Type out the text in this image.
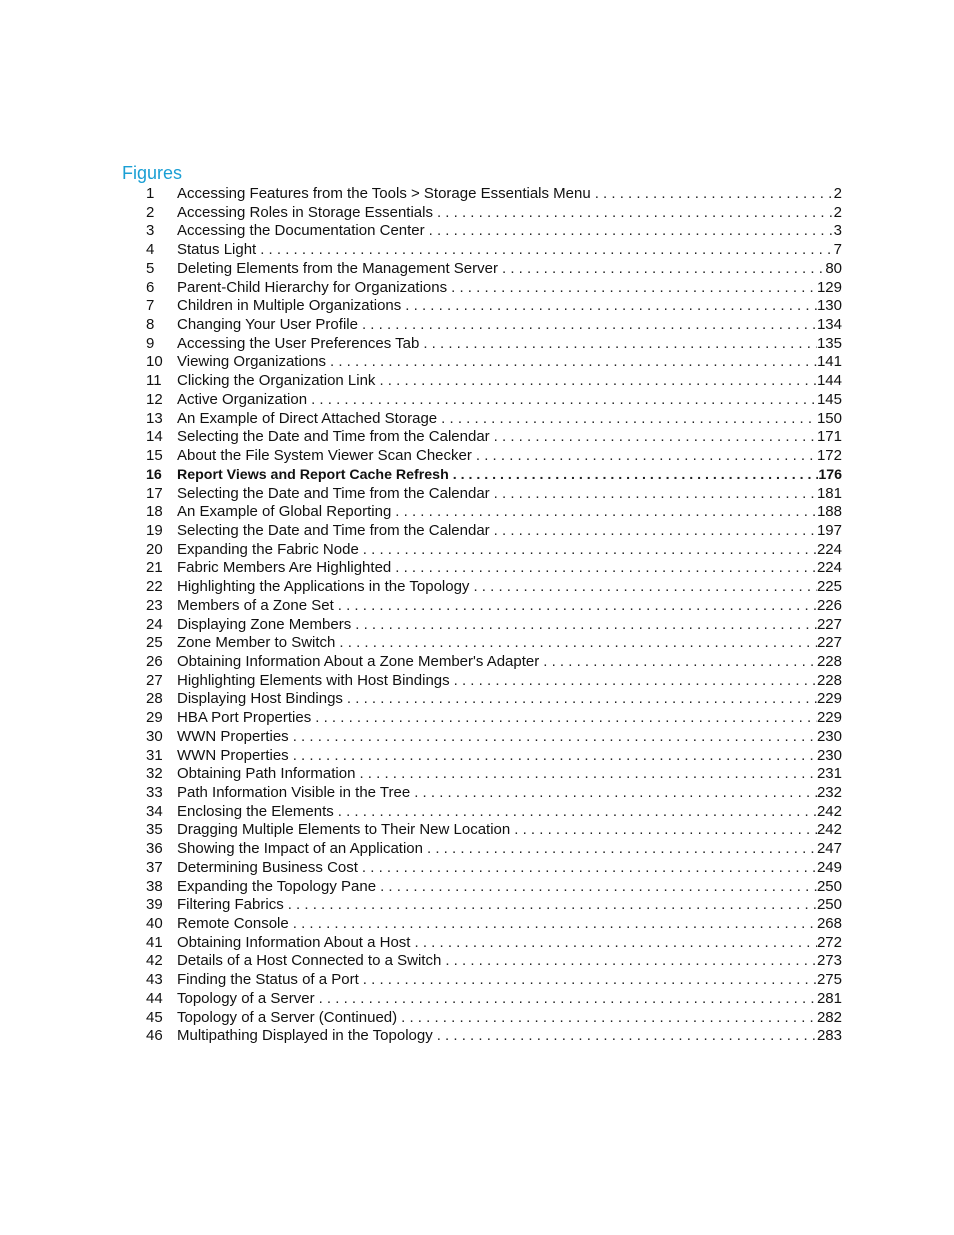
Figures
1	Accessing Features from the Tools > Storage Essentials Menu . . .	2
2	Accessing Roles in Storage Essentials . . .	2
3	Accessing the Documentation Center . . .	3
4	Status Light . . .	7
5	Deleting Elements from the Management Server . . .	80
6	Parent-Child Hierarchy for Organizations . . .	129
7	Children in Multiple Organizations . . .	130
8	Changing Your User Profile . . .	134
9	Accessing the User Preferences Tab . . .	135
10 Viewing Organizations . . .	141
11	Clicking the Organization Link . . .	144
12 Active Organization . . .	145
13 An Example of Direct Attached Storage . . .	150
14 Selecting the Date and Time from the Calendar . . .	171
15 About the File System Viewer Scan Checker . . .	172
16	Report Views and Report Cache Refresh . . .	176
17 Selecting the Date and Time from the Calendar . . .	181
18 An Example of Global Reporting . . .	188
19 Selecting the Date and Time from the Calendar . . .	197
20 Expanding the Fabric Node . . .	224
21 Fabric Members Are Highlighted . . .	224
22 Highlighting the Applications in the Topology . . .	225
23 Members of a Zone Set . . .	226
24 Displaying Zone Members . . .	227
25 Zone Member to Switch . . .	227
26 Obtaining Information About a Zone Member's Adapter . . .	228
27 Highlighting Elements with Host Bindings . . .	228
28 Displaying Host Bindings . . .	229
29 HBA Port Properties . . .	229
30 WWN Properties . . .	230
31 WWN Properties . . .	230
32 Obtaining Path Information . . .	231
33 Path Information Visible in the Tree . . .	232
34 Enclosing the Elements . . .	242
35 Dragging Multiple Elements to Their New Location . . .	242
36 Showing the Impact of an Application . . .	247
37 Determining Business Cost . . .	249
38 Expanding the Topology Pane . . .	250
39 Filtering Fabrics . . .	250
40 Remote Console . . .	268
41 Obtaining Information About a Host . . .	272
42 Details of a Host Connected to a Switch . . .	273
43 Finding the Status of a Port . . .	275
44 Topology of a Server . . .	281
45 Topology of a Server (Continued) . . .	282
46 Multipathing Displayed in the Topology . . .	283
